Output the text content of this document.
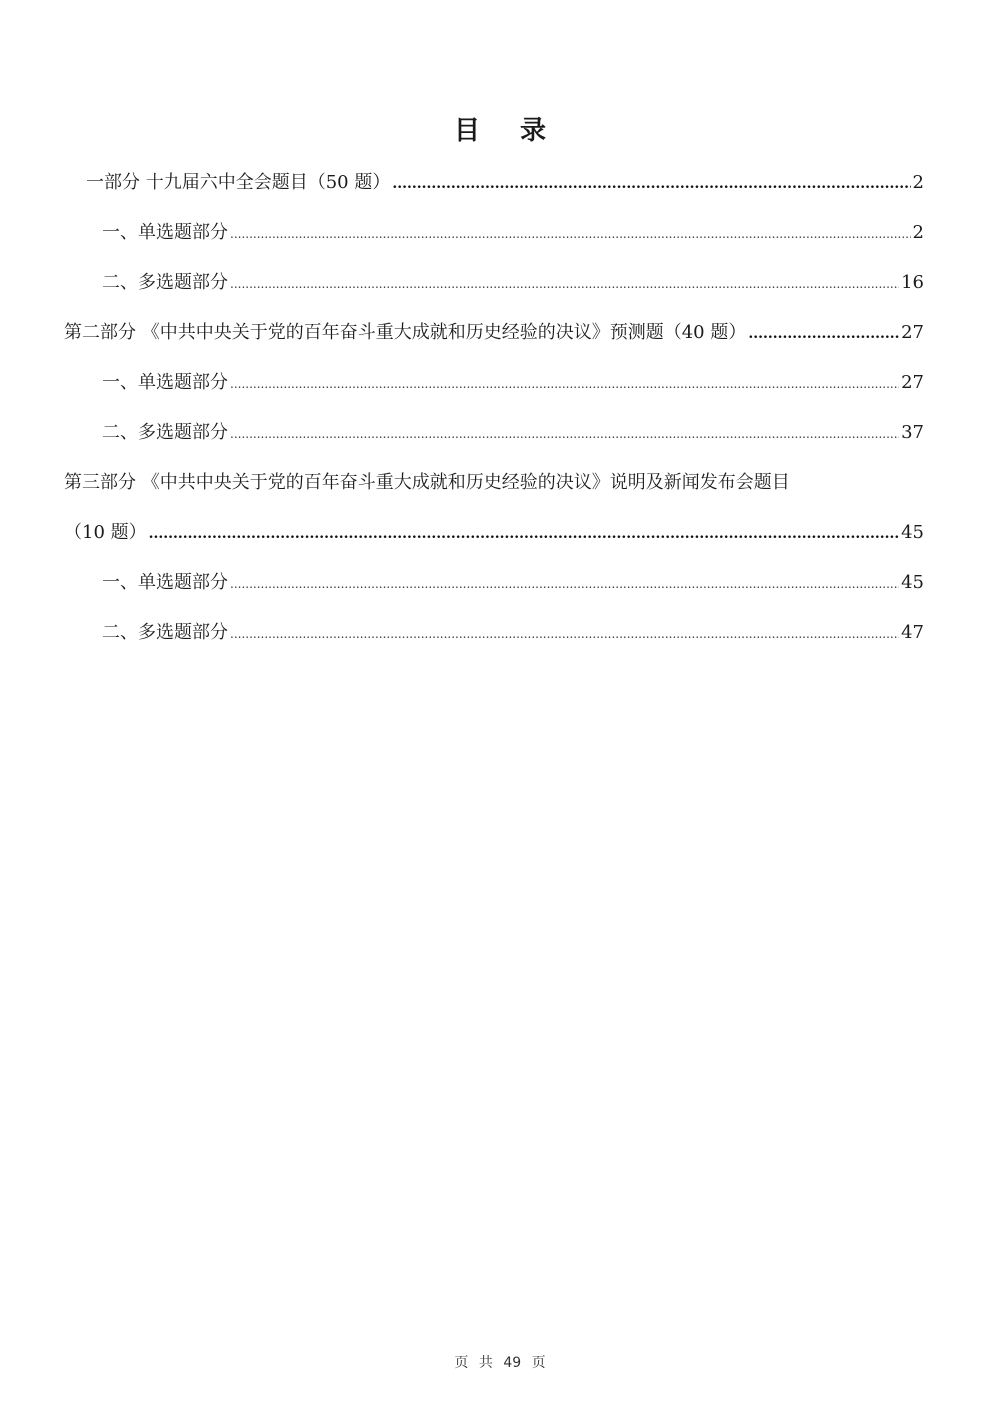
目录
一部分 十九届六中全会题目（50 题） .....	2
一、单选题部分 .....	2
二、多选题部分 .....	16
第二部分 《中共中央关于党的百年奋斗重大成就和历史经验的决议》预测题（40 题） .....	27
一、单选题部分 .....	27
二、多选题部分 .....	37
第三部分 《中共中央关于党的百年奋斗重大成就和历史经验的决议》说明及新闻发布会题目
（10 题） .....	45
一、单选题部分 .....	45
二、多选题部分 .....	47
页 共 49 页
